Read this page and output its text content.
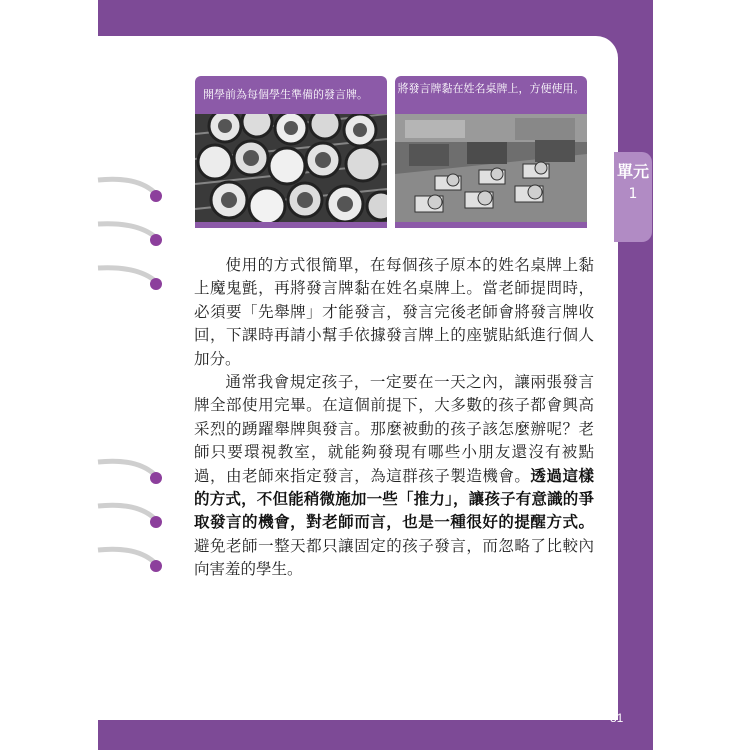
單元
1
81
開學前為每個學生準備的發言牌。	將發言牌黏在姓名桌牌上，方便使用。

使用的方式很簡單，在每個孩子原本的姓名桌牌上黏上魔鬼氈，再將發言牌黏在姓名桌牌上。當老師提問時，必須要「先舉牌」才能發言，發言完後老師會將發言牌收回，下課時再請小幫手依據發言牌上的座號貼紙進行個人加分。

通常我會規定孩子，一定要在一天之內，讓兩張發言牌全部使用完畢。在這個前提下，大多數的孩子都會興高采烈的踴躍舉牌與發言。那麼被動的孩子該怎麼辦呢？老師只要環視教室，就能夠發現有哪些小朋友還沒有被點過，由老師來指定發言，為這群孩子製造機會。透過這樣的方式，不但能稍微施加一些「推力」，讓孩子有意識的爭取發言的機會，對老師而言，也是一種很好的提醒方式。避免老師一整天都只讓固定的孩子發言，而忽略了比較內向害羞的學生。
